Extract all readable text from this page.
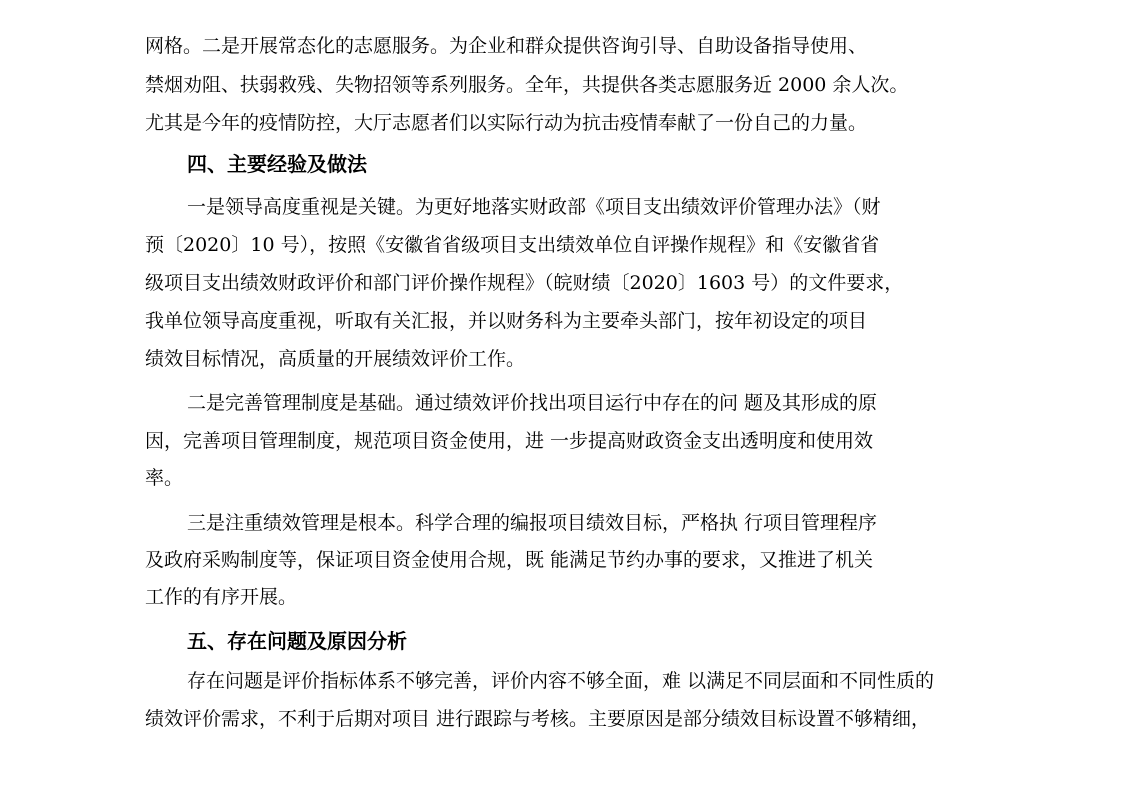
网格。二是开展常态化的志愿服务。为企业和群众提供咨询引导、自助设备指导使用、
禁烟劝阻、扶弱救残、失物招领等系列服务。全年，共提供各类志愿服务近 2000 余人次。
尤其是今年的疫情防控，大厅志愿者们以实际行动为抗击疫情奉献了一份自己的力量。
四、主要经验及做法
一是领导高度重视是关键。为更好地落实财政部《项目支出绩效评价管理办法》（财
预〔2020〕10 号），按照《安徽省省级项目支出绩效单位自评操作规程》和《安徽省省
级项目支出绩效财政评价和部门评价操作规程》（皖财绩〔2020〕1603 号）的文件要求，
我单位领导高度重视，听取有关汇报，并以财务科为主要牵头部门，按年初设定的项目
绩效目标情况，高质量的开展绩效评价工作。
二是完善管理制度是基础。通过绩效评价找出项目运行中存在的问 题及其形成的原
因，完善项目管理制度，规范项目资金使用，进 一步提高财政资金支出透明度和使用效
率。
三是注重绩效管理是根本。科学合理的编报项目绩效目标，严格执 行项目管理程序
及政府采购制度等，保证项目资金使用合规，既 能满足节约办事的要求，又推进了机关
工作的有序开展。
五、存在问题及原因分析
存在问题是评价指标体系不够完善，评价内容不够全面，难 以满足不同层面和不同性质的
绩效评价需求，不利于后期对项目 进行跟踪与考核。主要原因是部分绩效目标设置不够精细，
